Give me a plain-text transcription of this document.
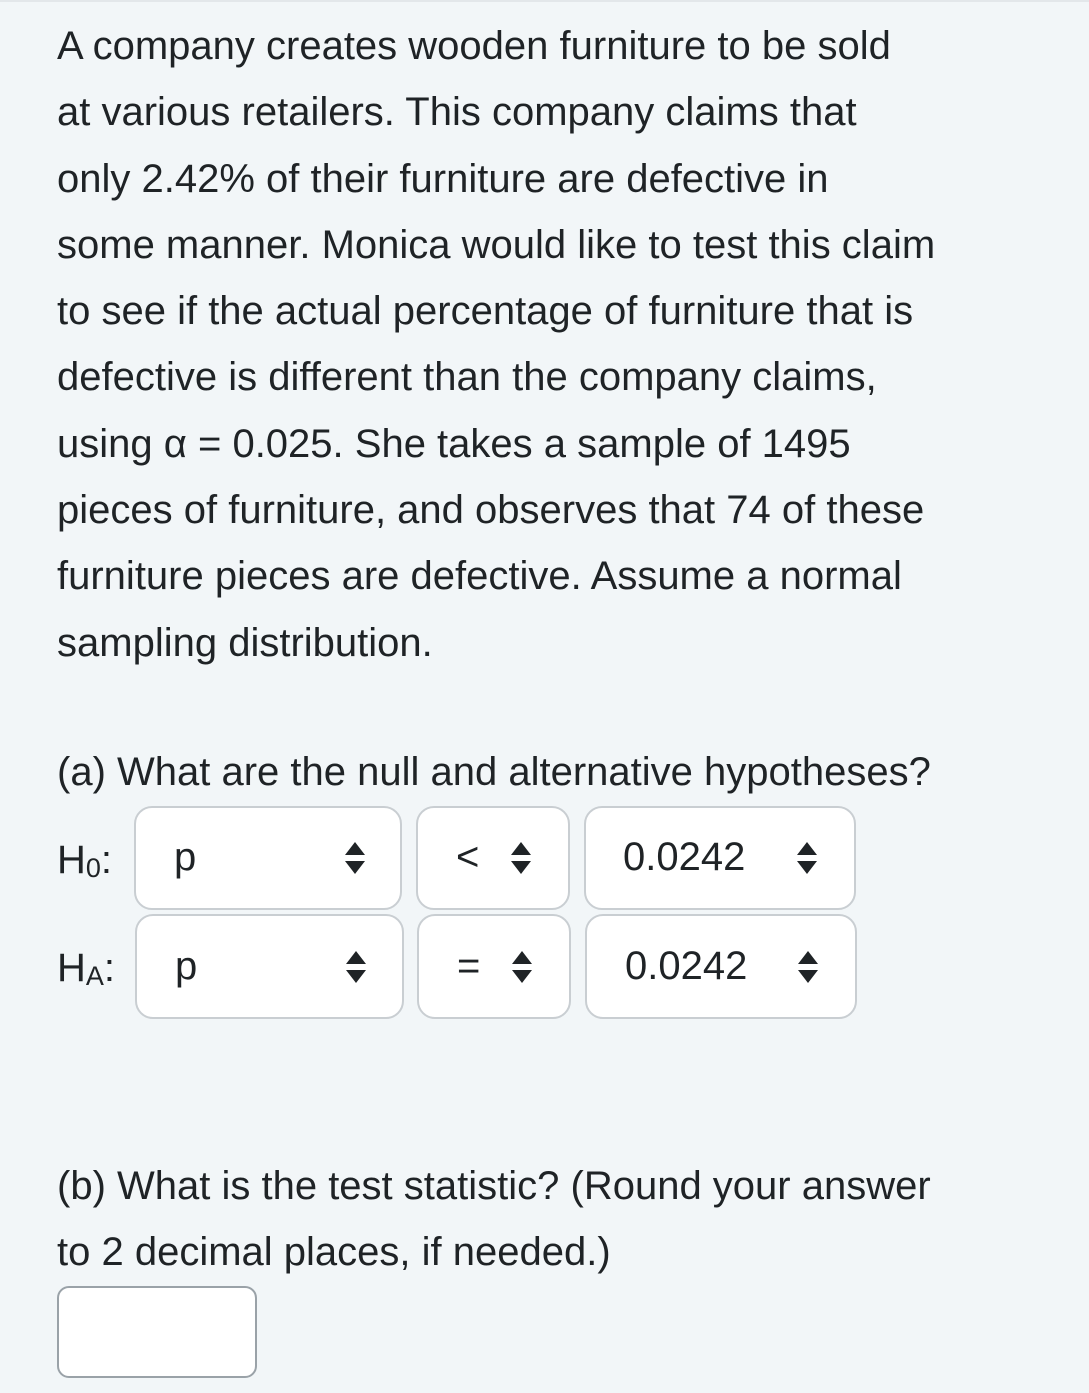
A company creates wooden furniture to be sold
at various retailers. This company claims that
only 2.42% of their furniture are defective in
some manner. Monica would like to test this claim
to see if the actual percentage of furniture that is
defective is different than the company claims,
using α = 0.025. She takes a sample of 1495
pieces of furniture, and observes that 74 of these
furniture pieces are defective. Assume a normal
sampling distribution.
(a) What are the null and alternative hypotheses?
$H_0$: p	<	0.0242
$H_A$: p	=	0.0242
(b) What is the test statistic? (Round your answer
to 2 decimal places, if needed.)
